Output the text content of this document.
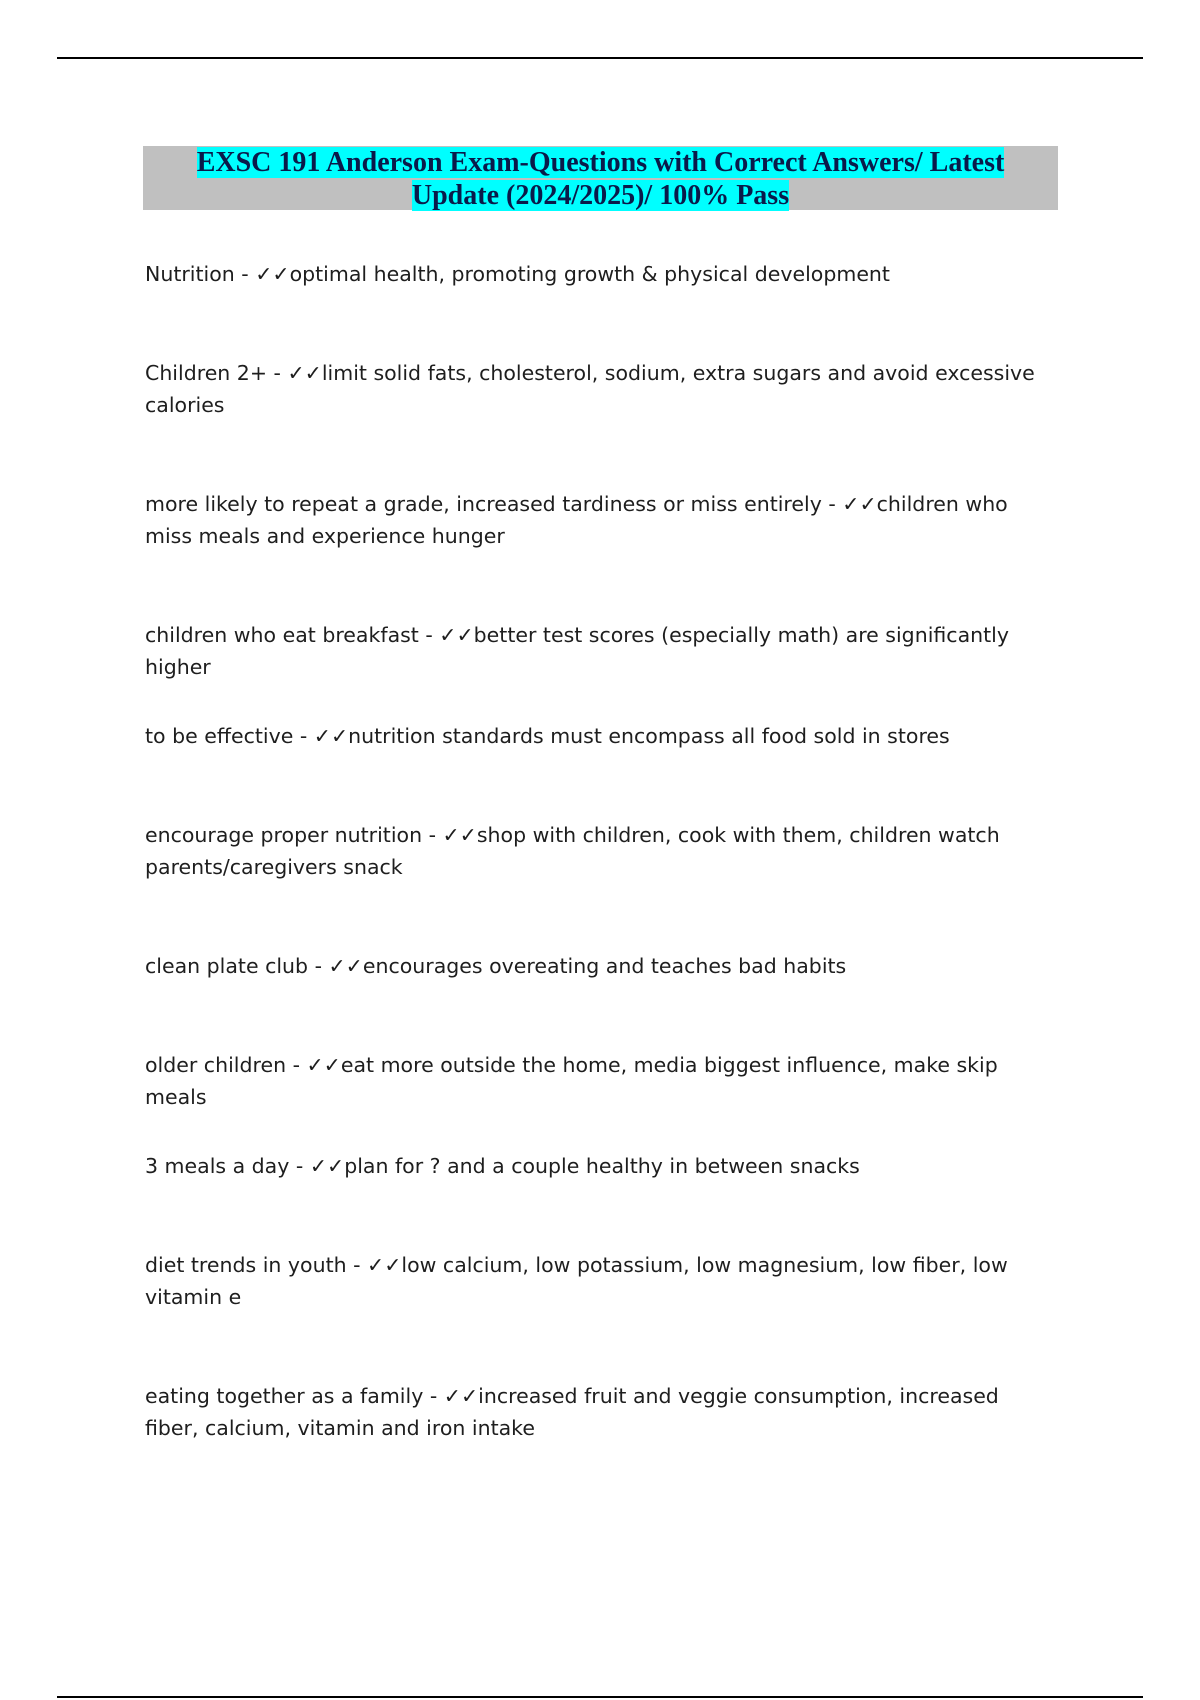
EXSC 191 Anderson Exam-Questions with Correct Answers/ Latest
Update (2024/2025)/ 100% Pass
Nutrition - ✓✓optimal health, promoting growth & physical development
Children 2+ - ✓✓limit solid fats, cholesterol, sodium, extra sugars and avoid excessive calories
more likely to repeat a grade, increased tardiness or miss entirely - ✓✓children who miss meals and experience hunger
children who eat breakfast - ✓✓better test scores (especially math) are significantly higher
to be effective - ✓✓nutrition standards must encompass all food sold in stores
encourage proper nutrition - ✓✓shop with children, cook with them, children watch parents/caregivers snack
clean plate club - ✓✓encourages overeating and teaches bad habits
older children - ✓✓eat more outside the home, media biggest influence, make skip meals
3 meals a day - ✓✓plan for ? and a couple healthy in between snacks
diet trends in youth - ✓✓low calcium, low potassium, low magnesium, low fiber, low vitamin e
eating together as a family - ✓✓increased fruit and veggie consumption, increased fiber, calcium, vitamin and iron intake
